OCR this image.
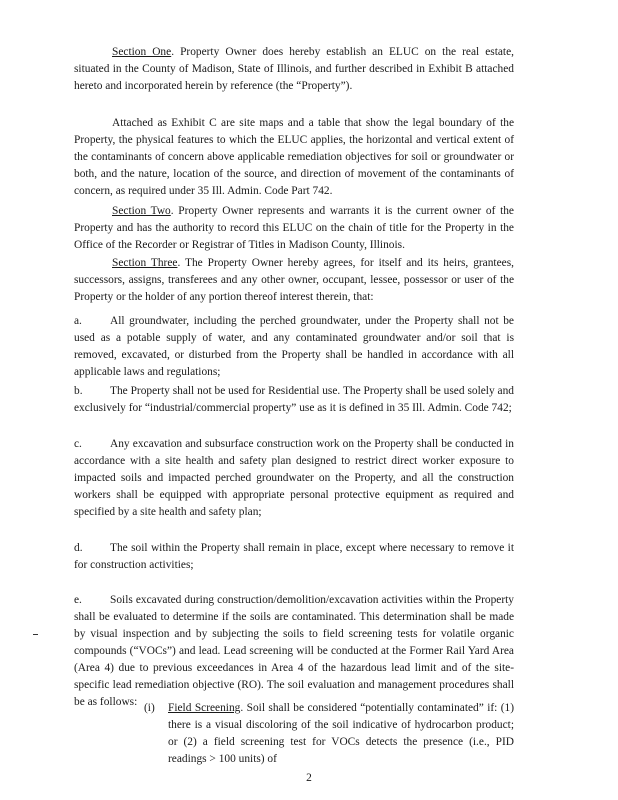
Section One. Property Owner does hereby establish an ELUC on the real estate, situated in the County of Madison, State of Illinois, and further described in Exhibit B attached hereto and incorporated herein by reference (the “Property”).

Attached as Exhibit C are site maps and a table that show the legal boundary of the Property, the physical features to which the ELUC applies, the horizontal and vertical extent of the contaminants of concern above applicable remediation objectives for soil or groundwater or both, and the nature, location of the source, and direction of movement of the contaminants of concern, as required under 35 Ill. Admin. Code Part 742.

Section Two. Property Owner represents and warrants it is the current owner of the Property and has the authority to record this ELUC on the chain of title for the Property in the Office of the Recorder or Registrar of Titles in Madison County, Illinois.

Section Three. The Property Owner hereby agrees, for itself and its heirs, grantees, successors, assigns, transferees and any other owner, occupant, lessee, possessor or user of the Property or the holder of any portion thereof interest therein, that:

a. All groundwater, including the perched groundwater, under the Property shall not be used as a potable supply of water, and any contaminated groundwater and/or soil that is removed, excavated, or disturbed from the Property shall be handled in accordance with all applicable laws and regulations;

b. The Property shall not be used for Residential use. The Property shall be used solely and exclusively for “industrial/commercial property” use as it is defined in 35 Ill. Admin. Code 742;

c. Any excavation and subsurface construction work on the Property shall be conducted in accordance with a site health and safety plan designed to restrict direct worker exposure to impacted soils and impacted perched groundwater on the Property, and all the construction workers shall be equipped with appropriate personal protective equipment as required and specified by a site health and safety plan;

d. The soil within the Property shall remain in place, except where necessary to remove it for construction activities;

e. Soils excavated during construction/demolition/excavation activities within the Property shall be evaluated to determine if the soils are contaminated. This determination shall be made by visual inspection and by subjecting the soils to field screening tests for volatile organic compounds (“VOCs”) and lead. Lead screening will be conducted at the Former Rail Yard Area (Area 4) due to previous exceedances in Area 4 of the hazardous lead limit and of the site-specific lead remediation objective (RO). The soil evaluation and management procedures shall be as follows: (i) Field Screening. Soil shall be considered “potentially contaminated” if: (1) there is a visual discoloring of the soil indicative of hydrocarbon product; or (2) a field screening test for VOCs detects the presence (i.e., PID readings > 100 units) of
2
